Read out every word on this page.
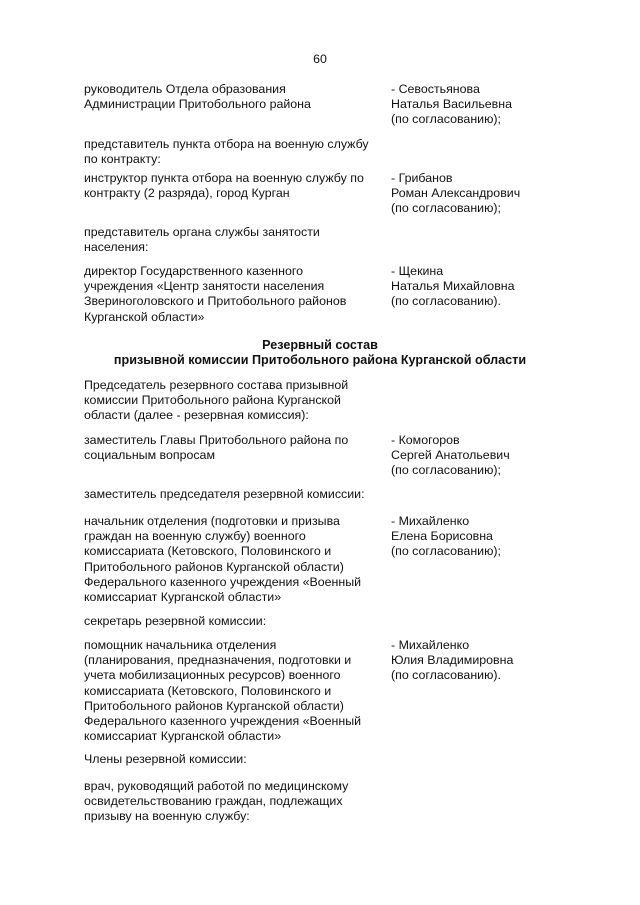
60
руководитель Отдела образования
Администрации Притобольного района
- Севостьянова
Наталья Васильевна
(по согласованию);
представитель пункта отбора на военную службу
по контракту:
инструктор пункта отбора на военную службу по
контракту (2 разряда), город Курган
- Грибанов
Роман Александрович
(по согласованию);
представитель органа службы занятости
населения:
директор Государственного казенного
учреждения «Центр занятости населения
Звериноголовского и Притобольного районов
Курганской области»
- Щекина
Наталья Михайловна
(по согласованию).
Резервный состав
призывной комиссии Притобольного района Курганской области
Председатель резервного состава призывной
комиссии Притобольного района Курганской
области (далее - резервная комиссия):
заместитель Главы Притобольного района по
социальным вопросам
- Комогоров
Сергей Анатольевич
(по согласованию);
заместитель председателя резервной комиссии:
начальник отделения (подготовки и призыва
граждан на военную службу) военного
комиссариата (Кетовского, Половинского и
Притобольного районов Курганской области)
Федерального казенного учреждения «Военный
комиссариат Курганской области»
- Михайленко
Елена Борисовна
(по согласованию);
секретарь резервной комиссии:
помощник начальника отделения
(планирования, предназначения, подготовки и
учета мобилизационных ресурсов) военного
комиссариата (Кетовского, Половинского и
Притобольного районов Курганской области)
Федерального казенного учреждения «Военный
комиссариат Курганской области»
- Михайленко
Юлия Владимировна
(по согласованию).
Члены резервной комиссии:
врач, руководящий работой по медицинскому
освидетельствованию граждан, подлежащих
призыву на военную службу:
